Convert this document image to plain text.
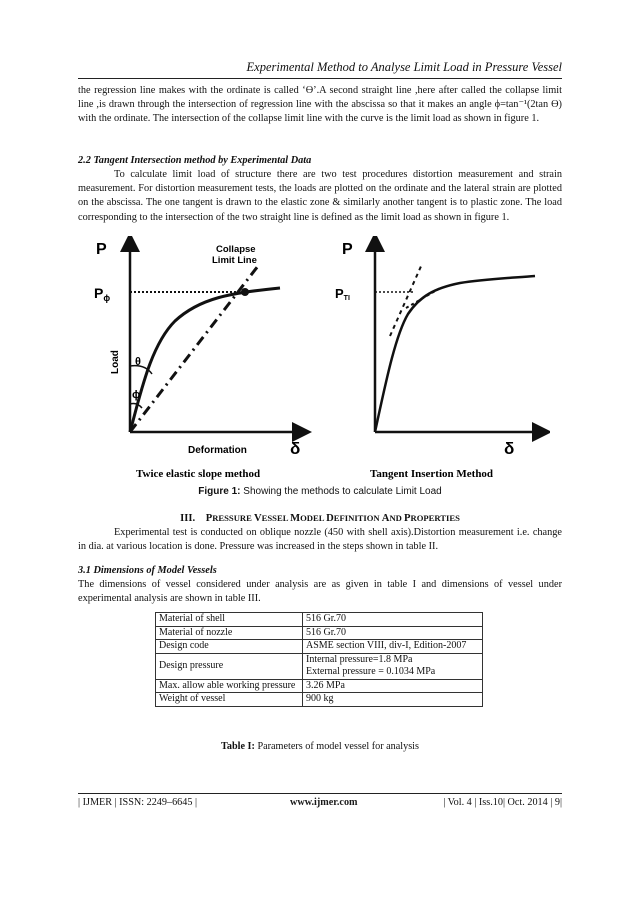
Experimental Method to Analyse Limit Load in Pressure Vessel

the regression line makes with the ordinate is called ‘ϴ’.A second straight line ,here after called the collapse limit line ,is drawn through the intersection of regression line with the abscissa so that it makes an angle ϕ=tan⁻¹(2tan ϴ) with the ordinate. The intersection of the collapse limit line with the curve is the limit load as shown in figure 1.

2.2 Tangent Intersection method by Experimental Data

To calculate limit load of structure there are two test procedures distortion measurement and strain measurement. For distortion measurement tests, the loads are plotted on the ordinate and the lateral strain are plotted on the abscissa. The one tangent is drawn to the elastic zone & similarly another tangent is to plastic zone. The load corresponding to the intersection of the two straight line is defined as the limit load as shown in figure 1.

P
δ
$P_\phi$
Collapse
Limit Line
Load θ
ϕ
Deformation
Twice elastic slope method
P
δ
PTI
Tangent Insertion Method
Figure 1: Showing the methods to calculate Limit Load
III. PRESSURE VESSEL MODEL DEFINITION AND PROPERTIES

Experimental test is conducted on oblique nozzle (450 with shell axis).Distortion measurement i.e. change in dia. at various location is done. Pressure was increased in the steps shown in table II.

3.1 Dimensions of Model Vessels

The dimensions of vessel considered under analysis are as given in table I and dimensions of vessel under experimental analysis are shown in table III.

Material of shell	516 Gr.70
Material of nozzle	516 Gr.70
Design code	ASME section VIII, div-I, Edition-2007
Design pressure	Internal pressure=1.8 MPa
External pressure = 0.1034 MPa

Max. allow able working pressure	3.26 MPa
Weight of vessel	900 kg
Table I: Parameters of model vessel for analysis
| IJMER | ISSN: 2249–6645 |	www.ijmer.com	| Vol. 4 | Iss.10| Oct. 2014 | 9|
